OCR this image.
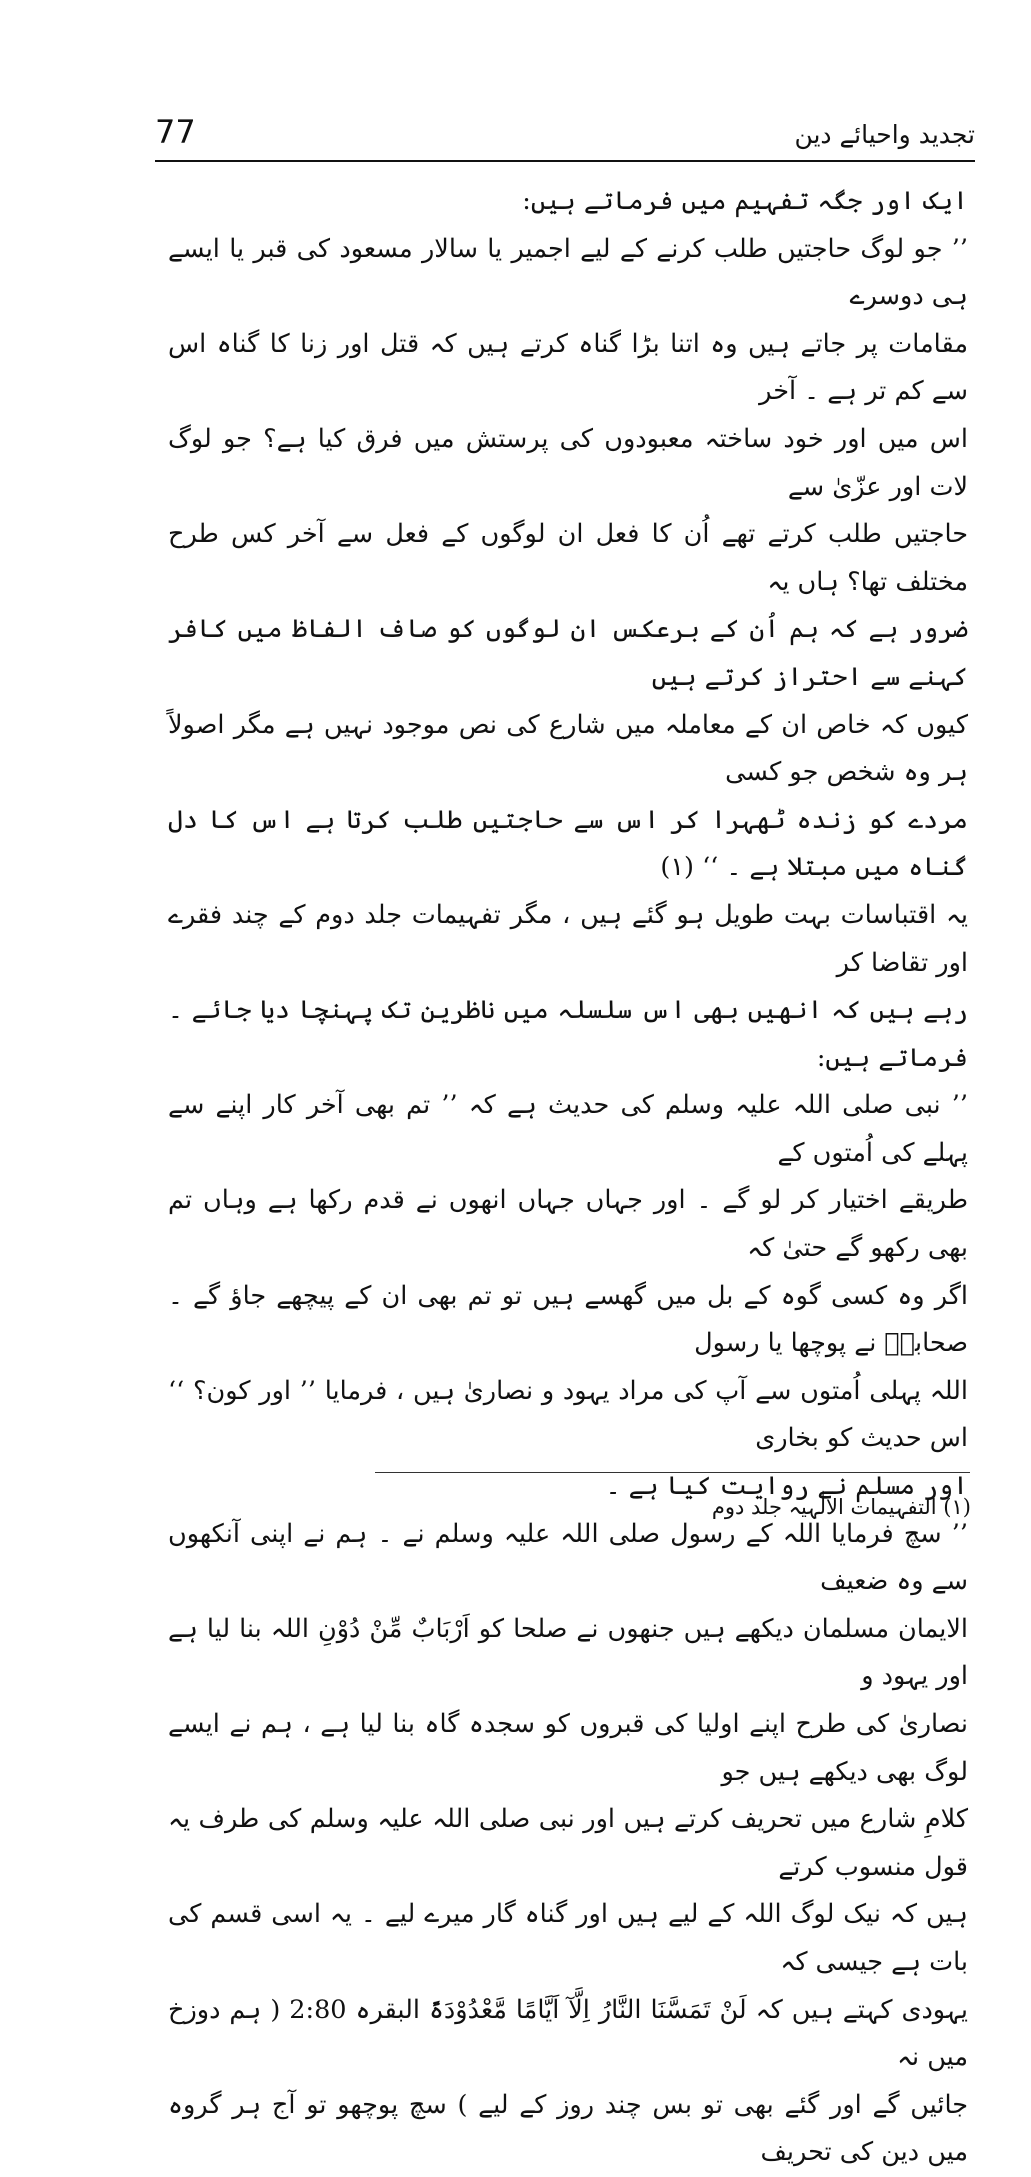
77	تجدید واحیائے دین

ایک اور جگہ تفہیم میں فرماتے ہیں:

’’ جو لوگ حاجتیں طلب کرنے کے لیے اجمیر یا سالار مسعود کی قبر یا ایسے ہی دوسرے

مقامات پر جاتے ہیں وہ اتنا بڑا گناہ کرتے ہیں کہ قتل اور زنا کا گناہ اس سے کم تر ہے ۔ آخر

اس میں اور خود ساختہ معبودوں کی پرستش میں فرق کیا ہے؟ جو لوگ لات اور عزّیٰ سے

حاجتیں طلب کرتے تھے اُن کا فعل ان لوگوں کے فعل سے آخر کس طرح مختلف تھا؟ ہاں یہ

ضرور ہے کہ ہم اُن کے برعکس ان لوگوں کو صاف الفاظ میں کافر کہنے سے احتراز کرتے ہیں

کیوں کہ خاص ان کے معاملہ میں شارع کی نص موجود نہیں ہے مگر اصولاً ہر وہ شخص جو کسی

مردے کو زندہ ٹھہرا کر اس سے حاجتیں طلب کرتا ہے اس کا دل گناہ میں مبتلا ہے ۔ ‘‘ (۱)

یہ اقتباسات بہت طویل ہو گئے ہیں ، مگر تفہیمات جلد دوم کے چند فقرے اور تقاضا کر

رہے ہیں کہ انھیں بھی اس سلسلہ میں ناظرین تک پہنچا دیا جائے ۔ فرماتے ہیں:

’’ نبی صلی اللہ علیہ وسلم کی حدیث ہے کہ ’’ تم بھی آخر کار اپنے سے پہلے کی اُمتوں کے

طریقے اختیار کر لو گے ۔ اور جہاں جہاں انھوں نے قدم رکھا ہے وہاں تم بھی رکھو گے حتیٰ کہ

اگر وہ کسی گوہ کے بل میں گھسے ہیں تو تم بھی ان کے پیچھے جاؤ گے ۔ صحابہؓ نے پوچھا یا رسول

اللہ پہلی اُمتوں سے آپ کی مراد یہود و نصاریٰ ہیں ، فرمایا ’’ اور کون؟ ‘‘ اس حدیث کو بخاری

اور مسلم نے روایت کیا ہے ۔

’’ سچ فرمایا اللہ کے رسول صلی اللہ علیہ وسلم نے ۔ ہم نے اپنی آنکھوں سے وہ ضعیف

الایمان مسلمان دیکھے ہیں جنھوں نے صلحا کو اَرْبَابٌ مِّنْ دُوْنِ اللہ بنا لیا ہے اور یہود و

نصاریٰ کی طرح اپنے اولیا کی قبروں کو سجدہ گاہ بنا لیا ہے ، ہم نے ایسے لوگ بھی دیکھے ہیں جو

کلامِ شارع میں تحریف کرتے ہیں اور نبی صلی اللہ علیہ وسلم کی طرف یہ قول منسوب کرتے

ہیں کہ نیک لوگ اللہ کے لیے ہیں اور گناہ گار میرے لیے ۔ یہ اسی قسم کی بات ہے جیسی کہ

یہودی کہتے ہیں کہ لَنْ تَمَسَّنَا النَّارُ اِلَّآ اَیَّامًا مَّعْدُوْدَۃً البقرہ 2:80 ( ہم دوزخ میں نہ

جائیں گے اور گئے بھی تو بس چند روز کے لیے ) سچ پوچھو تو آج ہر گروہ میں دین کی تحریف

(۱) التفہیمات الالٰہیہ جلد دوم
